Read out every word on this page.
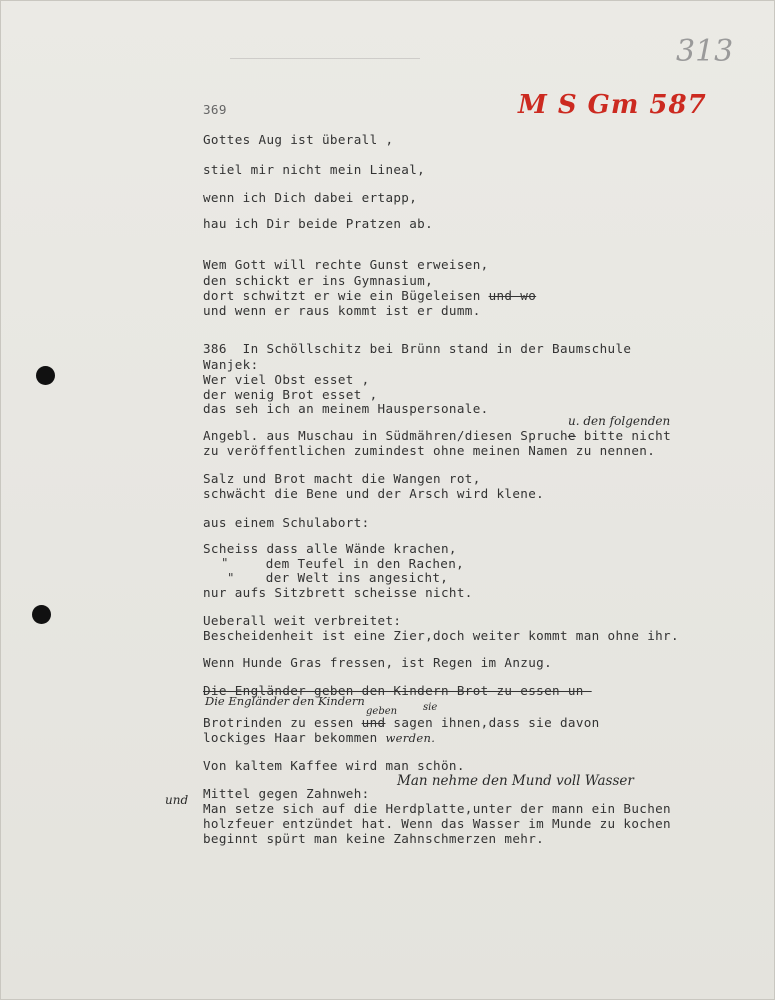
313
M S Gm 587
369
Gottes Aug ist überall ,
stiel mir nicht mein Lineal,
wenn ich Dich dabei ertapp,
hau ich Dir beide Pratzen ab.
Wem Gott will rechte Gunst erweisen,
den schickt er ins Gymnasium,
dort schwitzt er wie ein Bügeleisen und wo
und wenn er raus kommt ist er dumm.
386  In Schöllschitz bei Brünn stand in der Baumschule
Wanjek:
Wer viel Obst esset ,
der wenig Brot esset ,
das seh ich an meinem Hauspersonale.
u. den folgenden
Angebl. aus Muschau in Südmähren/diesen Spruche bitte nicht
zu veröffentlichen zumindest ohne meinen Namen zu nennen.
Salz und Brot macht die Wangen rot,
schwächt die Bene und der Arsch wird klene.
aus einem Schulabort:
Scheiss dass alle Wände krachen,
" dem Teufel in den Rachen,
" der Welt ins angesicht,
nur aufs Sitzbrett scheisse nicht.
Ueberall weit verbreitet:
Bescheidenheit ist eine Zier,doch weiter kommt man ohne ihr.
Wenn Hunde Gras fressen, ist Regen im Anzug.
Die Engländer geben den Kindern Brot zu essen un-
Die Engländer den Kindern
geben	sie
Brotrinden zu essen und sagen ihnen,dass sie davon
lockiges Haar bekommen werden.
Von kaltem Kaffee wird man schön.
Mittel gegen Zahnweh:
Man nehme den Mund voll Wasser
und
Man setze sich auf die Herdplatte,unter der mann ein Buchen
holzfeuer entzündet hat. Wenn das Wasser im Munde zu kochen
beginnt spürt man keine Zahnschmerzen mehr.
